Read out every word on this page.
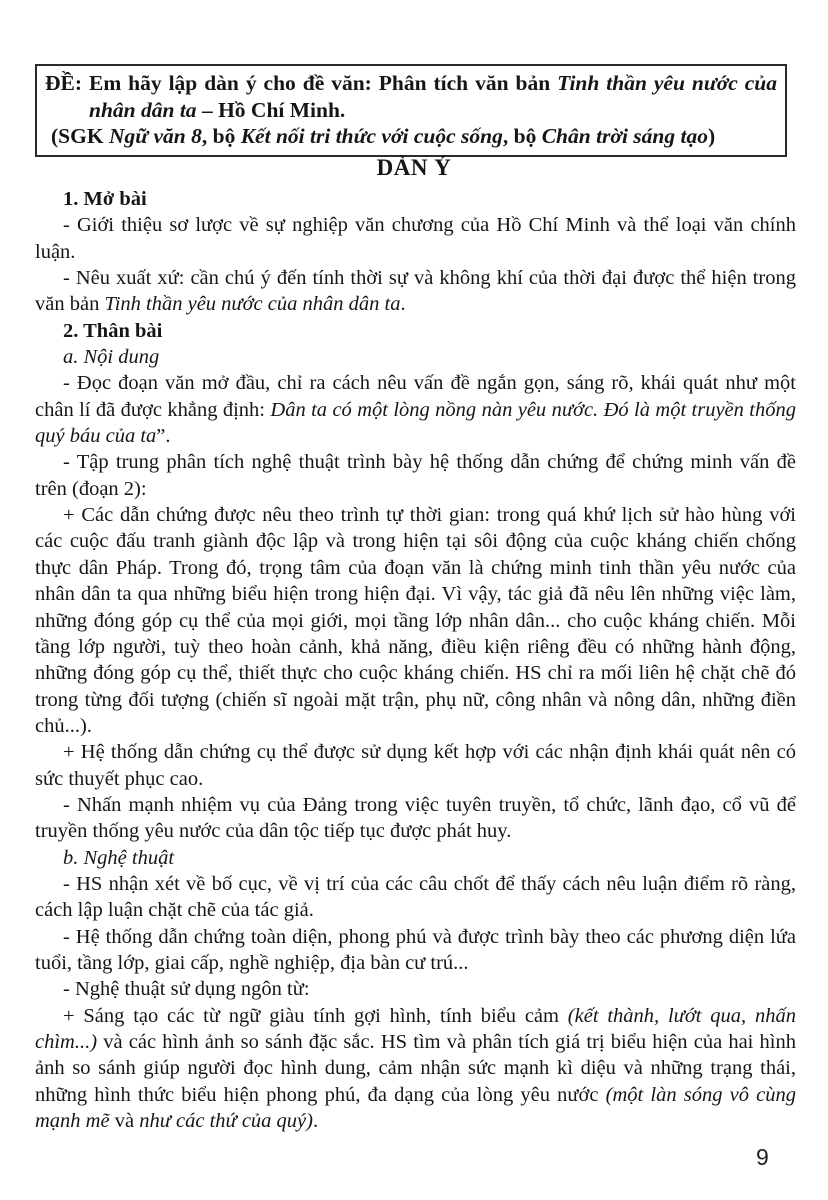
ĐỀ: Em hãy lập dàn ý cho đề văn: Phân tích văn bản Tinh thần yêu nước của nhân dân ta – Hồ Chí Minh.

(SGK Ngữ văn 8, bộ Kết nối tri thức với cuộc sống, bộ Chân trời sáng tạo)

DÀN Ý

1. Mở bài

- Giới thiệu sơ lược về sự nghiệp văn chương của Hồ Chí Minh và thể loại văn chính luận.

- Nêu xuất xứ: cần chú ý đến tính thời sự và không khí của thời đại được thể hiện trong văn bản Tinh thần yêu nước của nhân dân ta.

2. Thân bài

a. Nội dung

- Đọc đoạn văn mở đầu, chỉ ra cách nêu vấn đề ngắn gọn, sáng rõ, khái quát như một chân lí đã được khẳng định: Dân ta có một lòng nồng nàn yêu nước. Đó là một truyền thống quý báu của ta”.

- Tập trung phân tích nghệ thuật trình bày hệ thống dẫn chứng để chứng minh vấn đề trên (đoạn 2):

+ Các dẫn chứng được nêu theo trình tự thời gian: trong quá khứ lịch sử hào hùng với các cuộc đấu tranh giành độc lập và trong hiện tại sôi động của cuộc kháng chiến chống thực dân Pháp. Trong đó, trọng tâm của đoạn văn là chứng minh tinh thần yêu nước của nhân dân ta qua những biểu hiện trong hiện đại. Vì vậy, tác giả đã nêu lên những việc làm, những đóng góp cụ thể của mọi giới, mọi tầng lớp nhân dân... cho cuộc kháng chiến. Mỗi tầng lớp người, tuỳ theo hoàn cảnh, khả năng, điều kiện riêng đều có những hành động, những đóng góp cụ thể, thiết thực cho cuộc kháng chiến. HS chỉ ra mối liên hệ chặt chẽ đó trong từng đối tượng (chiến sĩ ngoài mặt trận, phụ nữ, công nhân và nông dân, những điền chủ...).

+ Hệ thống dẫn chứng cụ thể được sử dụng kết hợp với các nhận định khái quát nên có sức thuyết phục cao.

- Nhấn mạnh nhiệm vụ của Đảng trong việc tuyên truyền, tổ chức, lãnh đạo, cổ vũ để truyền thống yêu nước của dân tộc tiếp tục được phát huy.

b. Nghệ thuật

- HS nhận xét về bố cục, về vị trí của các câu chốt để thấy cách nêu luận điểm rõ ràng, cách lập luận chặt chẽ của tác giả.

- Hệ thống dẫn chứng toàn diện, phong phú và được trình bày theo các phương diện lứa tuổi, tầng lớp, giai cấp, nghề nghiệp, địa bàn cư trú...

- Nghệ thuật sử dụng ngôn từ:

+ Sáng tạo các từ ngữ giàu tính gợi hình, tính biểu cảm (kết thành, lướt qua, nhấn chìm...) và các hình ảnh so sánh đặc sắc. HS tìm và phân tích giá trị biểu hiện của hai hình ảnh so sánh giúp người đọc hình dung, cảm nhận sức mạnh kì diệu và những trạng thái, những hình thức biểu hiện phong phú, đa dạng của lòng yêu nước (một làn sóng vô cùng mạnh mẽ và như các thứ của quý).

9
